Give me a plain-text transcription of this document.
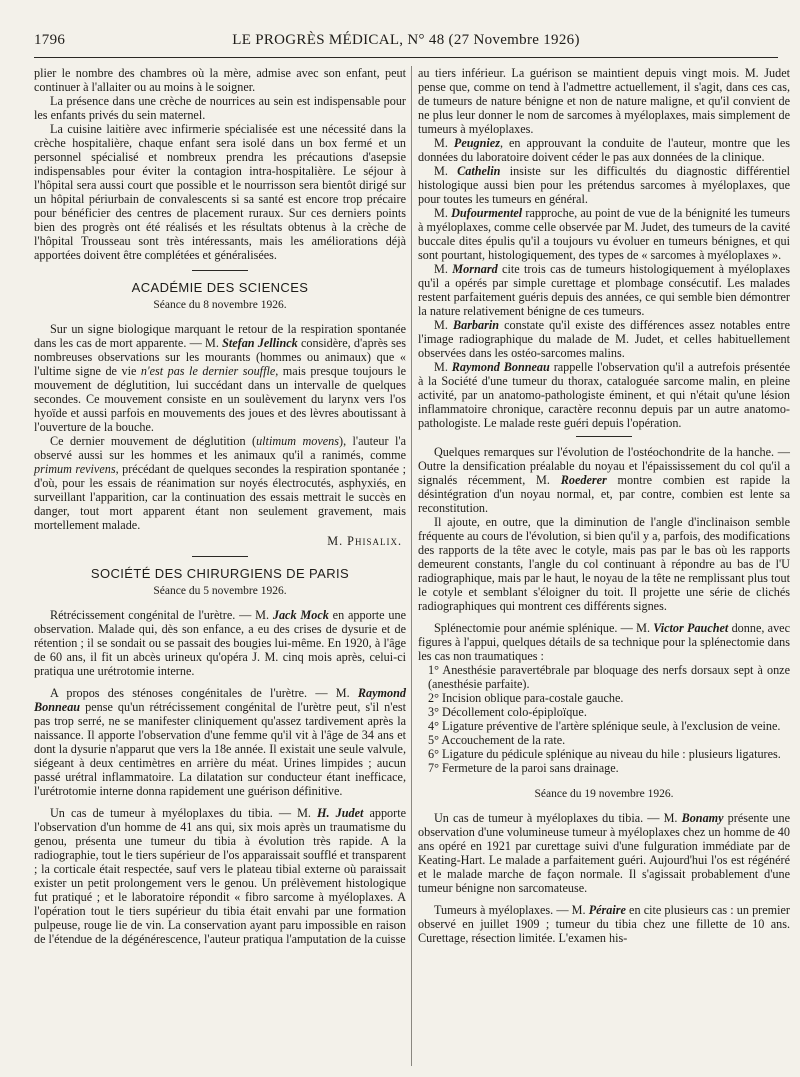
1796	LE PROGRÈS MÉDICAL, N° 48 (27 Novembre 1926)

plier le nombre des chambres où la mère, admise avec son enfant, peut continuer à l'allaiter ou au moins à le soigner.

La présence dans une crèche de nourrices au sein est indispensable pour les enfants privés du sein maternel.

La cuisine laitière avec infirmerie spécialisée est une nécessité dans la crèche hospitalière, chaque enfant sera isolé dans un box fermé et un personnel spécialisé et nombreux prendra les précautions d'asepsie indispensables pour éviter la contagion intra-hospitalière. Le séjour à l'hôpital sera aussi court que possible et le nourrisson sera bientôt dirigé sur un hôpital périurbain de convalescents si sa santé est encore trop précaire pour bénéficier des centres de placement ruraux. Sur ces derniers points bien des progrès ont été réalisés et les résultats obtenus à la crèche de l'hôpital Trousseau sont très intéressants, mais les améliorations déjà apportées doivent être complétées et généralisées.

ACADÉMIE DES SCIENCES
Séance du 8 novembre 1926.

Sur un signe biologique marquant le retour de la respiration spontanée dans les cas de mort apparente. — M. Stefan Jellinck considère, d'après ses nombreuses observations sur les mourants (hommes ou animaux) que « l'ultime signe de vie n'est pas le dernier souffle, mais presque toujours le mouvement de déglutition, lui succédant dans un intervalle de quelques secondes. Ce mouvement consiste en un soulèvement du larynx vers l'os hyoïde et aussi parfois en mouvements des joues et des lèvres aboutissant à l'ouverture de la bouche.

Ce dernier mouvement de déglutition (ultimum movens), l'auteur l'a observé aussi sur les hommes et les animaux qu'il a ranimés, comme primum revivens, précédant de quelques secondes la respiration spontanée ; d'où, pour les essais de réanimation sur noyés électrocutés, asphyxiés, en surveillant l'apparition, car la continuation des essais mettrait le succès en danger, tout mort apparent étant non seulement gravement, mais mortellement malade.

M. Phisalix.
SOCIÉTÉ DES CHIRURGIENS DE PARIS
Séance du 5 novembre 1926.

Rétrécissement congénital de l'urètre. — M. Jack Mock en apporte une observation. Malade qui, dès son enfance, a eu des crises de dysurie et de rétention ; il se sondait ou se passait des bougies lui-même. En 1920, à l'âge de 60 ans, il fit un abcès urineux qu'opéra J. M. cinq mois après, celui-ci pratiqua une urétrotomie interne.

A propos des sténoses congénitales de l'urètre. — M. Raymond Bonneau pense qu'un rétrécissement congénital de l'urètre peut, s'il n'est pas trop serré, ne se manifester cliniquement qu'assez tardivement après la naissance. Il apporte l'observation d'une femme qu'il vit à l'âge de 34 ans et dont la dysurie n'apparut que vers la 18e année. Il existait une seule valvule, siégeant à deux centimètres en arrière du méat. Urines limpides ; aucun passé urétral inflammatoire. La dilatation sur conducteur étant inefficace, l'urétrotomie interne donna rapidement une guérison définitive.

Un cas de tumeur à myéloplaxes du tibia. — M. H. Judet apporte l'observation d'un homme de 41 ans qui, six mois après un traumatisme du genou, présenta une tumeur du tibia à évolution très rapide. A la radiographie, tout le tiers supérieur de l'os apparaissait soufflé et transparent ; la corticale était respectée, sauf vers le plateau tibial externe où paraissait exister un petit prolongement vers le genou. Un prélèvement histologique fut pratiqué ; et le laboratoire répondit « fibro sarcome à myéloplaxes. A l'opération tout le tiers supérieur du tibia était envahi par une formation pulpeuse, rouge lie de vin. La conservation ayant paru impossible en raison de l'étendue de la dégénérescence, l'auteur pratiqua l'amputation de la cuisse

au tiers inférieur. La guérison se maintient depuis vingt mois. M. Judet pense que, comme on tend à l'admettre actuellement, il s'agit, dans ces cas, de tumeurs de nature bénigne et non de nature maligne, et qu'il convient de ne plus leur donner le nom de sarcomes à myéloplaxes, mais simplement de tumeurs à myéloplaxes.

M. Peugniez, en approuvant la conduite de l'auteur, montre que les données du laboratoire doivent céder le pas aux données de la clinique.

M. Cathelin insiste sur les difficultés du diagnostic différentiel histologique aussi bien pour les prétendus sarcomes à myéloplaxes, que pour toutes les tumeurs en général.

M. Dufourmentel rapproche, au point de vue de la bénignité les tumeurs à myéloplaxes, comme celle observée par M. Judet, des tumeurs de la cavité buccale dites épulis qu'il a toujours vu évoluer en tumeurs bénignes, et qui sont pourtant, histologiquement, des types de « sarcomes à myéloplaxes ».

M. Mornard cite trois cas de tumeurs histologiquement à myéloplaxes qu'il a opérés par simple curettage et plombage consécutif. Les malades restent parfaitement guéris depuis des années, ce qui semble bien démontrer la nature relativement bénigne de ces tumeurs.

M. Barbarin constate qu'il existe des différences assez notables entre l'image radiographique du malade de M. Judet, et celles habituellement observées dans les ostéo-sarcomes malins.

M. Raymond Bonneau rappelle l'observation qu'il a autrefois présentée à la Société d'une tumeur du thorax, cataloguée sarcome malin, en pleine activité, par un anatomo-pathologiste éminent, et qui n'était qu'une lésion inflammatoire chronique, caractère reconnu depuis par un autre anatomo-pathologiste. Le malade reste guéri depuis l'opération.

Quelques remarques sur l'évolution de l'ostéochondrite de la hanche. — Outre la densification préalable du noyau et l'épaississement du col qu'il a signalés récemment, M. Roederer montre combien est rapide la désintégration d'un noyau normal, et, par contre, combien est lente sa reconstitution.

Il ajoute, en outre, que la diminution de l'angle d'inclinaison semble fréquente au cours de l'évolution, si bien qu'il y a, parfois, des modifications des rapports de la tête avec le cotyle, mais pas par le bas où les rapports demeurent constants, l'angle du col continuant à répondre au bas de l'U radiographique, mais par le haut, le noyau de la tête ne remplissant plus tout le cotyle et semblant s'éloigner du toit. Il projette une série de clichés radiographiques qui montrent ces différents signes.

Splénectomie pour anémie splénique. — M. Victor Pauchet donne, avec figures à l'appui, quelques détails de sa technique pour la splénectomie dans les cas non traumatiques :

1° Anesthésie paravertébrale par bloquage des nerfs dorsaux sept à onze (anesthésie parfaite).

2° Incision oblique para-costale gauche.

3° Décollement colo-épiploïque.

4° Ligature préventive de l'artère splénique seule, à l'exclusion de veine.

5° Accouchement de la rate.

6° Ligature du pédicule splénique au niveau du hile : plusieurs ligatures.

7° Fermeture de la paroi sans drainage.

Séance du 19 novembre 1926.

Un cas de tumeur à myéloplaxes du tibia. — M. Bonamy présente une observation d'une volumineuse tumeur à myéloplaxes chez un homme de 40 ans opéré en 1921 par curettage suivi d'une fulguration immédiate par de Keating-Hart. Le malade a parfaitement guéri. Aujourd'hui l'os est régénéré et le malade marche de façon normale. Il s'agissait probablement d'une tumeur bénigne non sarcomateuse.

Tumeurs à myéloplaxes. — M. Péraire en cite plusieurs cas : un premier observé en juillet 1909 ; tumeur du tibia chez une fillette de 10 ans. Curettage, résection limitée. L'examen his-
